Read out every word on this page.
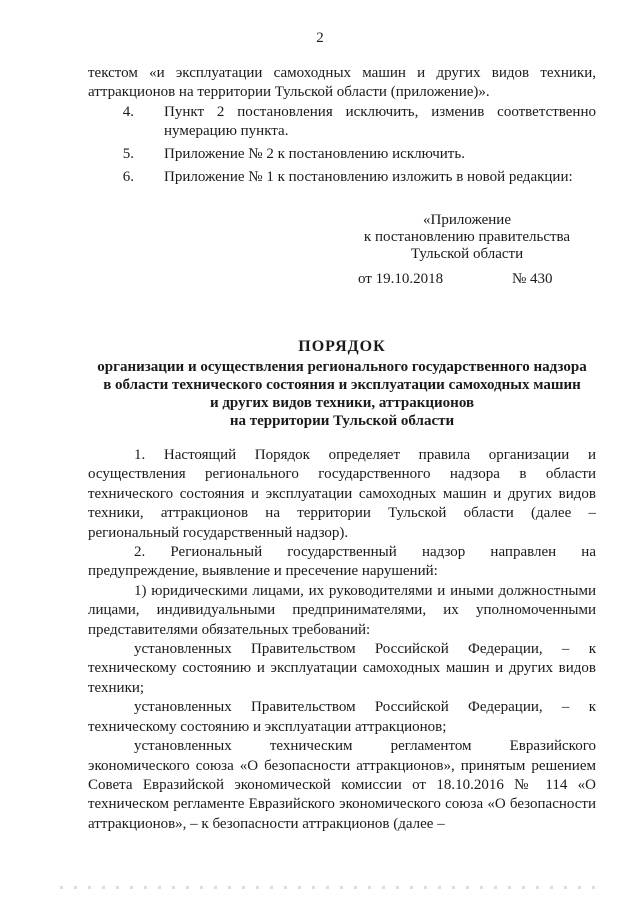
2

текстом «и эксплуатации самоходных машин и других видов техники, аттракционов на территории Тульской области (приложение)».

4. Пункт 2 постановления исключить, изменив соответственно нумерацию пункта.

5. Приложение № 2 к постановлению исключить.

6. Приложение № 1 к постановлению изложить в новой редакции:

«Приложение
к постановлению правительства
Тульской области
от 19.10.2018	№ 430
ПОРЯДОК
организации и осуществления регионального государственного надзора
в области технического состояния и эксплуатации самоходных машин
и других видов техники, аттракционов
на территории Тульской области

1. Настоящий Порядок определяет правила организации и осуществления регионального государственного надзора в области технического состояния и эксплуатации самоходных машин и других видов техники, аттракционов на территории Тульской области (далее – региональный государственный надзор).

2. Региональный государственный надзор направлен на предупреждение, выявление и пресечение нарушений:

1) юридическими лицами, их руководителями и иными должностными лицами, индивидуальными предпринимателями, их уполномоченными представителями обязательных требований:

установленных Правительством Российской Федерации, – к техническому состоянию и эксплуатации самоходных машин и других видов техники;

установленных Правительством Российской Федерации, – к техническому состоянию и эксплуатации аттракционов;

установленных техническим регламентом Евразийского экономического союза «О безопасности аттракционов», принятым решением Совета Евразийской экономической комиссии от 18.10.2016 № 114 «О техническом регламенте Евразийского экономического союза «О безопасности аттракционов», – к безопасности аттракционов (далее –
